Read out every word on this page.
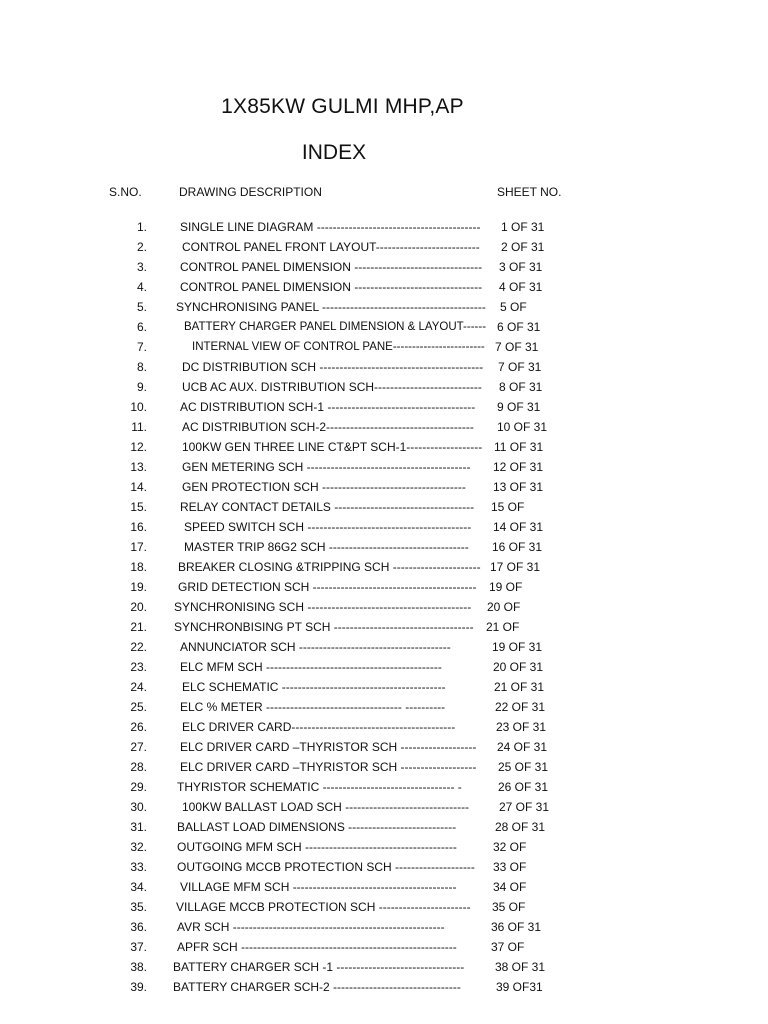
1X85KW GULMI MHP,AP
INDEX
S.NO.	DRAWING DESCRIPTION	SHEET NO.
1.	SINGLE LINE DIAGRAM ----------------------------------------- 1 OF 31
2.	CONTROL PANEL FRONT LAYOUT-------------------------- 2 OF 31
3.	CONTROL PANEL DIMENSION -------------------------------- 3 OF 31
4.	CONTROL PANEL DIMENSION -------------------------------- 4 OF 31
5. SYNCHRONISING PANEL ----------------------------------------- 5 OF
6.	BATTERY CHARGER PANEL DIMENSION & LAYOUT------ 6 OF 31
7.	INTERNAL VIEW OF CONTROL PANE------------------------ 7 OF 31
8.	DC DISTRIBUTION SCH ----------------------------------------- 7 OF 31
9.	UCB AC AUX. DISTRIBUTION SCH--------------------------- 8 OF 31
10.	AC DISTRIBUTION SCH-1 ------------------------------------- 9 OF 31
11.	AC DISTRIBUTION SCH-2------------------------------------- 10 OF 31
12.	100KW GEN THREE LINE CT&PT SCH-1------------------- 11 OF 31
13.	GEN METERING SCH ----------------------------------------- 12 OF 31
14.	GEN PROTECTION SCH ------------------------------------ 13 OF 31
15.	RELAY CONTACT DETAILS ----------------------------------- 15 OF
16.	SPEED SWITCH SCH ----------------------------------------- 14 OF 31
17.	MASTER TRIP 86G2 SCH ----------------------------------- 16 OF 31
18.	BREAKER CLOSING &TRIPPING SCH ---------------------- 17 OF 31
19.	GRID DETECTION SCH ----------------------------------------- 19 OF
20. SYNCHRONISING SCH ----------------------------------------- 20 OF
21. SYNCHRONBISING PT SCH ----------------------------------- 21 OF
22.	ANNUNCIATOR SCH --------------------------------------	19 OF 31
23.	ELC MFM SCH --------------------------------------------	20 OF 31
24.	ELC SCHEMATIC -----------------------------------------	21 OF 31
25.	ELC % METER ---------------------------------- ----------	22 OF 31
26.	ELC DRIVER CARD-----------------------------------------	23 OF 31
27.	ELC DRIVER CARD –THYRISTOR SCH ------------------- 24 OF 31
28.	ELC DRIVER CARD –THYRISTOR SCH ------------------- 25 OF 31
29.	THYRISTOR SCHEMATIC --------------------------------- -	26 OF 31
30.	100KW BALLAST LOAD SCH ------------------------------- 27 OF 31
31.	BALLAST LOAD DIMENSIONS ---------------------------	28 OF 31
32.	OUTGOING MFM SCH --------------------------------------	32 OF
33.	OUTGOING MCCB PROTECTION SCH -------------------- 33 OF
34.	VILLAGE MFM SCH -----------------------------------------	34 OF
35. VILLAGE MCCB PROTECTION SCH ----------------------- 35 OF
36.	AVR SCH -----------------------------------------------------	36 OF 31
37.	APFR SCH ------------------------------------------------------	37 OF
38. BATTERY CHARGER SCH -1 --------------------------------	38 OF 31
39. BATTERY CHARGER SCH-2 --------------------------------	39 OF31
